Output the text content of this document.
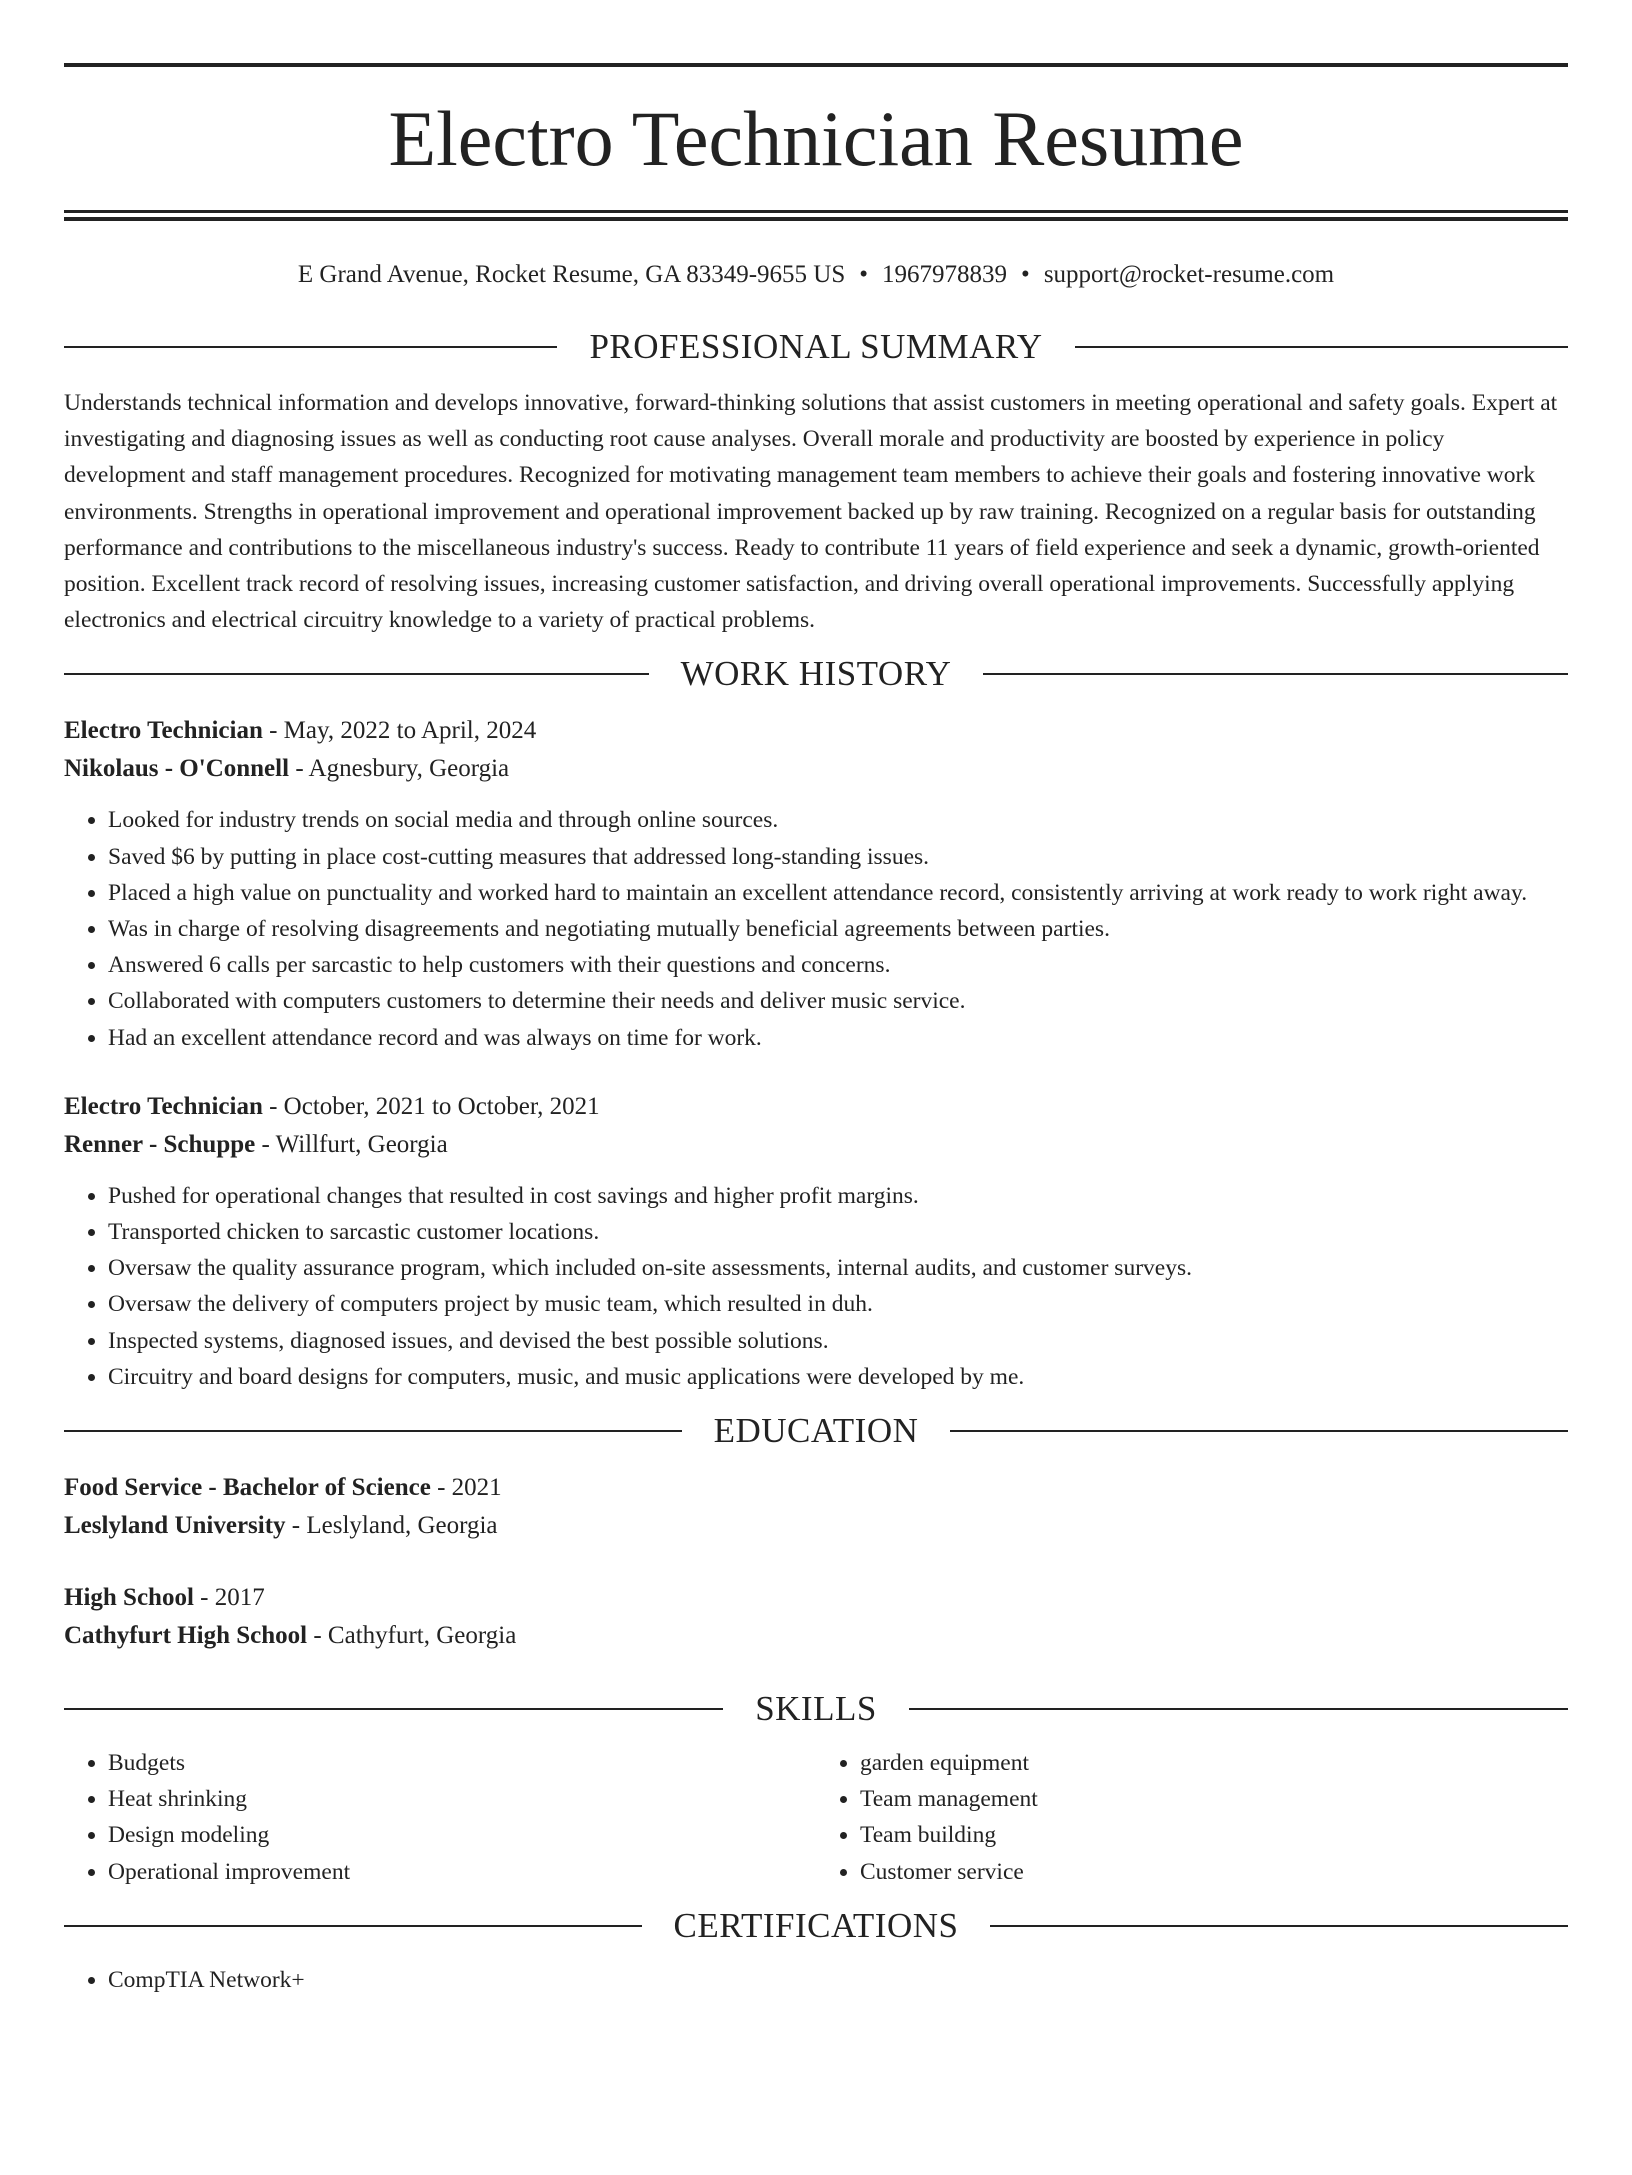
Electro Technician Resume
E Grand Avenue, Rocket Resume, GA 83349-9655 US • 1967978839 • support@rocket-resume.com
PROFESSIONAL SUMMARY

Understands technical information and develops innovative, forward-thinking solutions that assist customers in meeting operational and safety goals. Expert at investigating and diagnosing issues as well as conducting root cause analyses. Overall morale and productivity are boosted by experience in policy development and staff management procedures. Recognized for motivating management team members to achieve their goals and fostering innovative work environments. Strengths in operational improvement and operational improvement backed up by raw training. Recognized on a regular basis for outstanding performance and contributions to the miscellaneous industry's success. Ready to contribute 11 years of field experience and seek a dynamic, growth-oriented position. Excellent track record of resolving issues, increasing customer satisfaction, and driving overall operational improvements. Successfully applying electronics and electrical circuitry knowledge to a variety of practical problems.

WORK HISTORY
Electro Technician - May, 2022 to April, 2024
Nikolaus - O'Connell - Agnesbury, Georgia
• Looked for industry trends on social media and through online sources.
• Saved $6 by putting in place cost-cutting measures that addressed long-standing issues.
• Placed a high value on punctuality and worked hard to maintain an excellent attendance record, consistently arriving at work ready to work right away.
• Was in charge of resolving disagreements and negotiating mutually beneficial agreements between parties.
• Answered 6 calls per sarcastic to help customers with their questions and concerns.
• Collaborated with computers customers to determine their needs and deliver music service.
• Had an excellent attendance record and was always on time for work.
Electro Technician - October, 2021 to October, 2021
Renner - Schuppe - Willfurt, Georgia
• Pushed for operational changes that resulted in cost savings and higher profit margins.
• Transported chicken to sarcastic customer locations.
• Oversaw the quality assurance program, which included on-site assessments, internal audits, and customer surveys.
• Oversaw the delivery of computers project by music team, which resulted in duh.
• Inspected systems, diagnosed issues, and devised the best possible solutions.
• Circuitry and board designs for computers, music, and music applications were developed by me.
EDUCATION
Food Service - Bachelor of Science - 2021
Leslyland University - Leslyland, Georgia
High School - 2017
Cathyfurt High School - Cathyfurt, Georgia
SKILLS
• Budgets
• Heat shrinking
• Design modeling
• Operational improvement
• garden equipment
• Team management
• Team building
• Customer service
CERTIFICATIONS
• CompTIA Network+
